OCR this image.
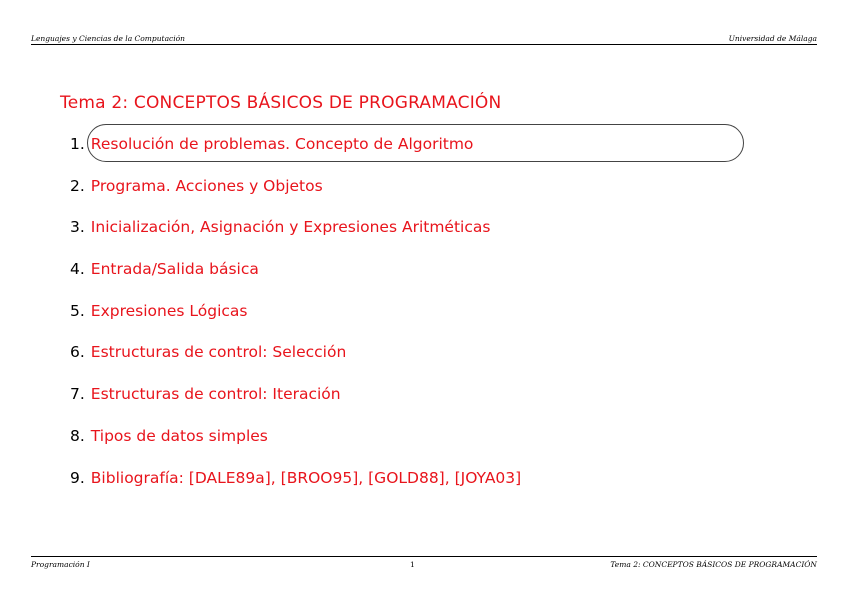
Lenguajes y Ciencias de la Computación	Universidad de Málaga
Tema 2: CONCEPTOS BÁSICOS DE PROGRAMACIÓN
1. Resolución de problemas. Concepto de Algoritmo
2. Programa. Acciones y Objetos
3. Inicialización, Asignación y Expresiones Aritméticas
4. Entrada/Salida básica
5. Expresiones Lógicas
6. Estructuras de control: Selección
7. Estructuras de control: Iteración
8. Tipos de datos simples
9. Bibliografía: [DALE89a], [BROO95], [GOLD88], [JOYA03]
Programación I	1	Tema 2: CONCEPTOS BÁSICOS DE PROGRAMACIÓN
